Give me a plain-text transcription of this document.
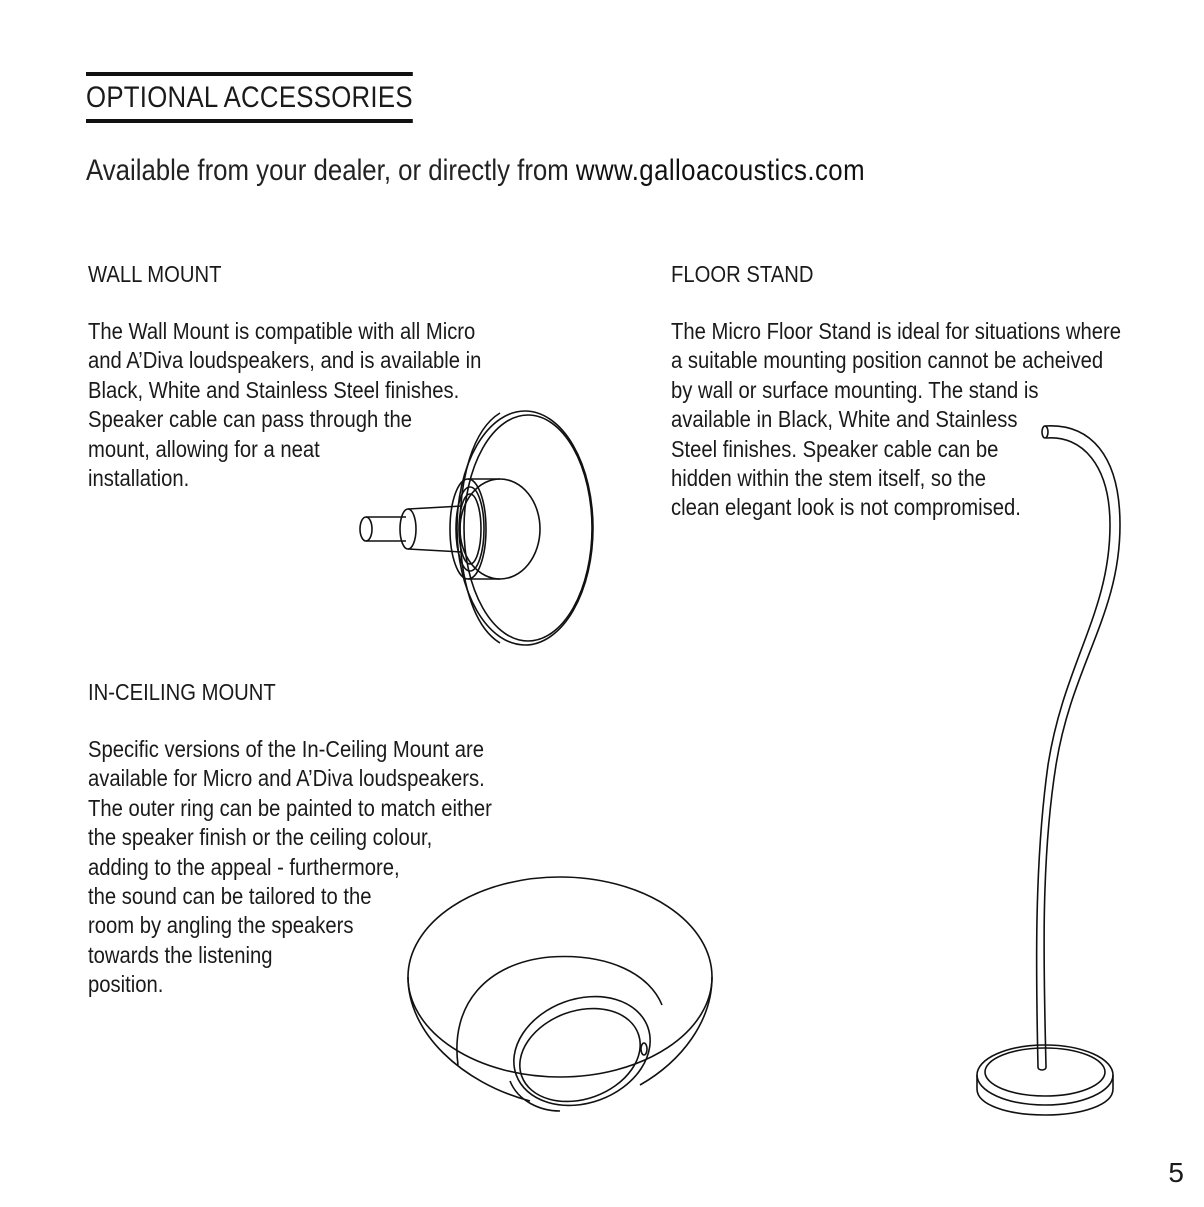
OPTIONAL ACCESSORIES
Available from your dealer, or directly from www.galloacoustics.com
WALL MOUNT
The Wall Mount is compatible with all Micro
and A’Diva loudspeakers, and is available in
Black, White and Stainless Steel finishes.
Speaker cable can pass through the
mount, allowing for a neat
installation.
IN-CEILING MOUNT
Specific versions of the In-Ceiling Mount are
available for Micro and A’Diva loudspeakers.
The outer ring can be painted to match either
the speaker finish or the ceiling colour,
adding to the appeal - furthermore,
the sound can be tailored to the
room by angling the speakers
towards the listening
position.
FLOOR STAND
The Micro Floor Stand is ideal for situations where
a suitable mounting position cannot be acheived
by wall or surface mounting. The stand is
available in Black, White and Stainless
Steel finishes. Speaker cable can be
hidden within the stem itself, so the
clean elegant look is not compromised.
5
